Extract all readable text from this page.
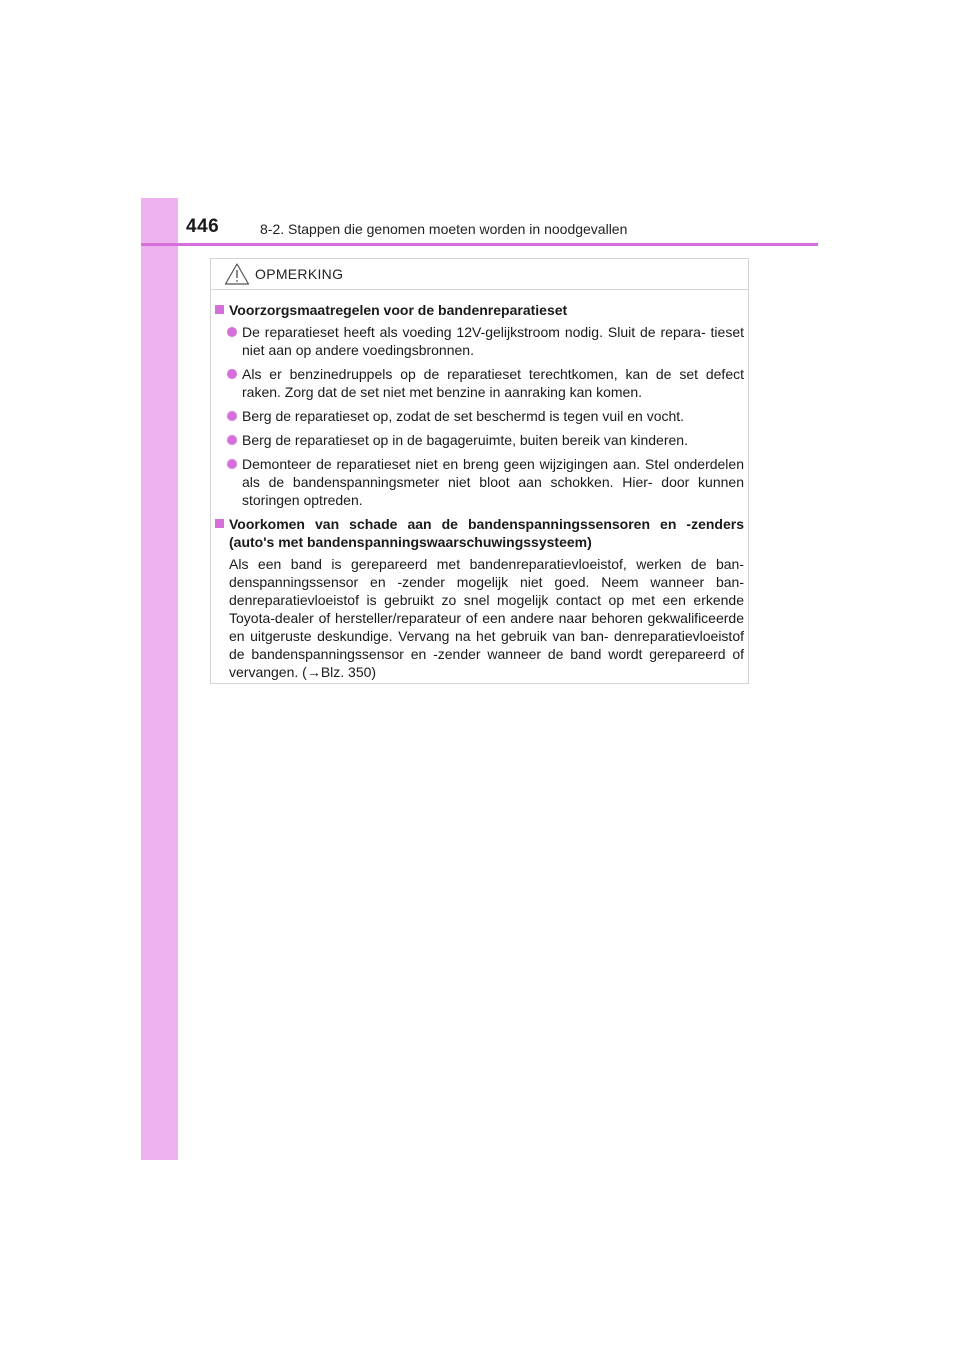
446	8-2. Stappen die genomen moeten worden in noodgevallen
OPMERKING
Voorzorgsmaatregelen voor de bandenreparatieset
De reparatieset heeft als voeding 12V-gelijkstroom nodig. Sluit de repara- tieset niet aan op andere voedingsbronnen.
Als er benzinedruppels op de reparatieset terechtkomen, kan de set defect raken. Zorg dat de set niet met benzine in aanraking kan komen.
Berg de reparatieset op, zodat de set beschermd is tegen vuil en vocht.
Berg de reparatieset op in de bagageruimte, buiten bereik van kinderen.
Demonteer de reparatieset niet en breng geen wijzigingen aan. Stel onderdelen als de bandenspanningsmeter niet bloot aan schokken. Hier- door kunnen storingen optreden.
Voorkomen van schade aan de bandenspanningssensoren en -zenders (auto's met bandenspanningswaarschuwingssysteem)

Als een band is gerepareerd met bandenreparatievloeistof, werken de ban- denspanningssensor en -zender mogelijk niet goed. Neem wanneer ban- denreparatievloeistof is gebruikt zo snel mogelijk contact op met een erkende Toyota-dealer of hersteller/reparateur of een andere naar behoren gekwalificeerde en uitgeruste deskundige. Vervang na het gebruik van ban- denreparatievloeistof de bandenspanningssensor en -zender wanneer de band wordt gerepareerd of vervangen. (→Blz. 350)
